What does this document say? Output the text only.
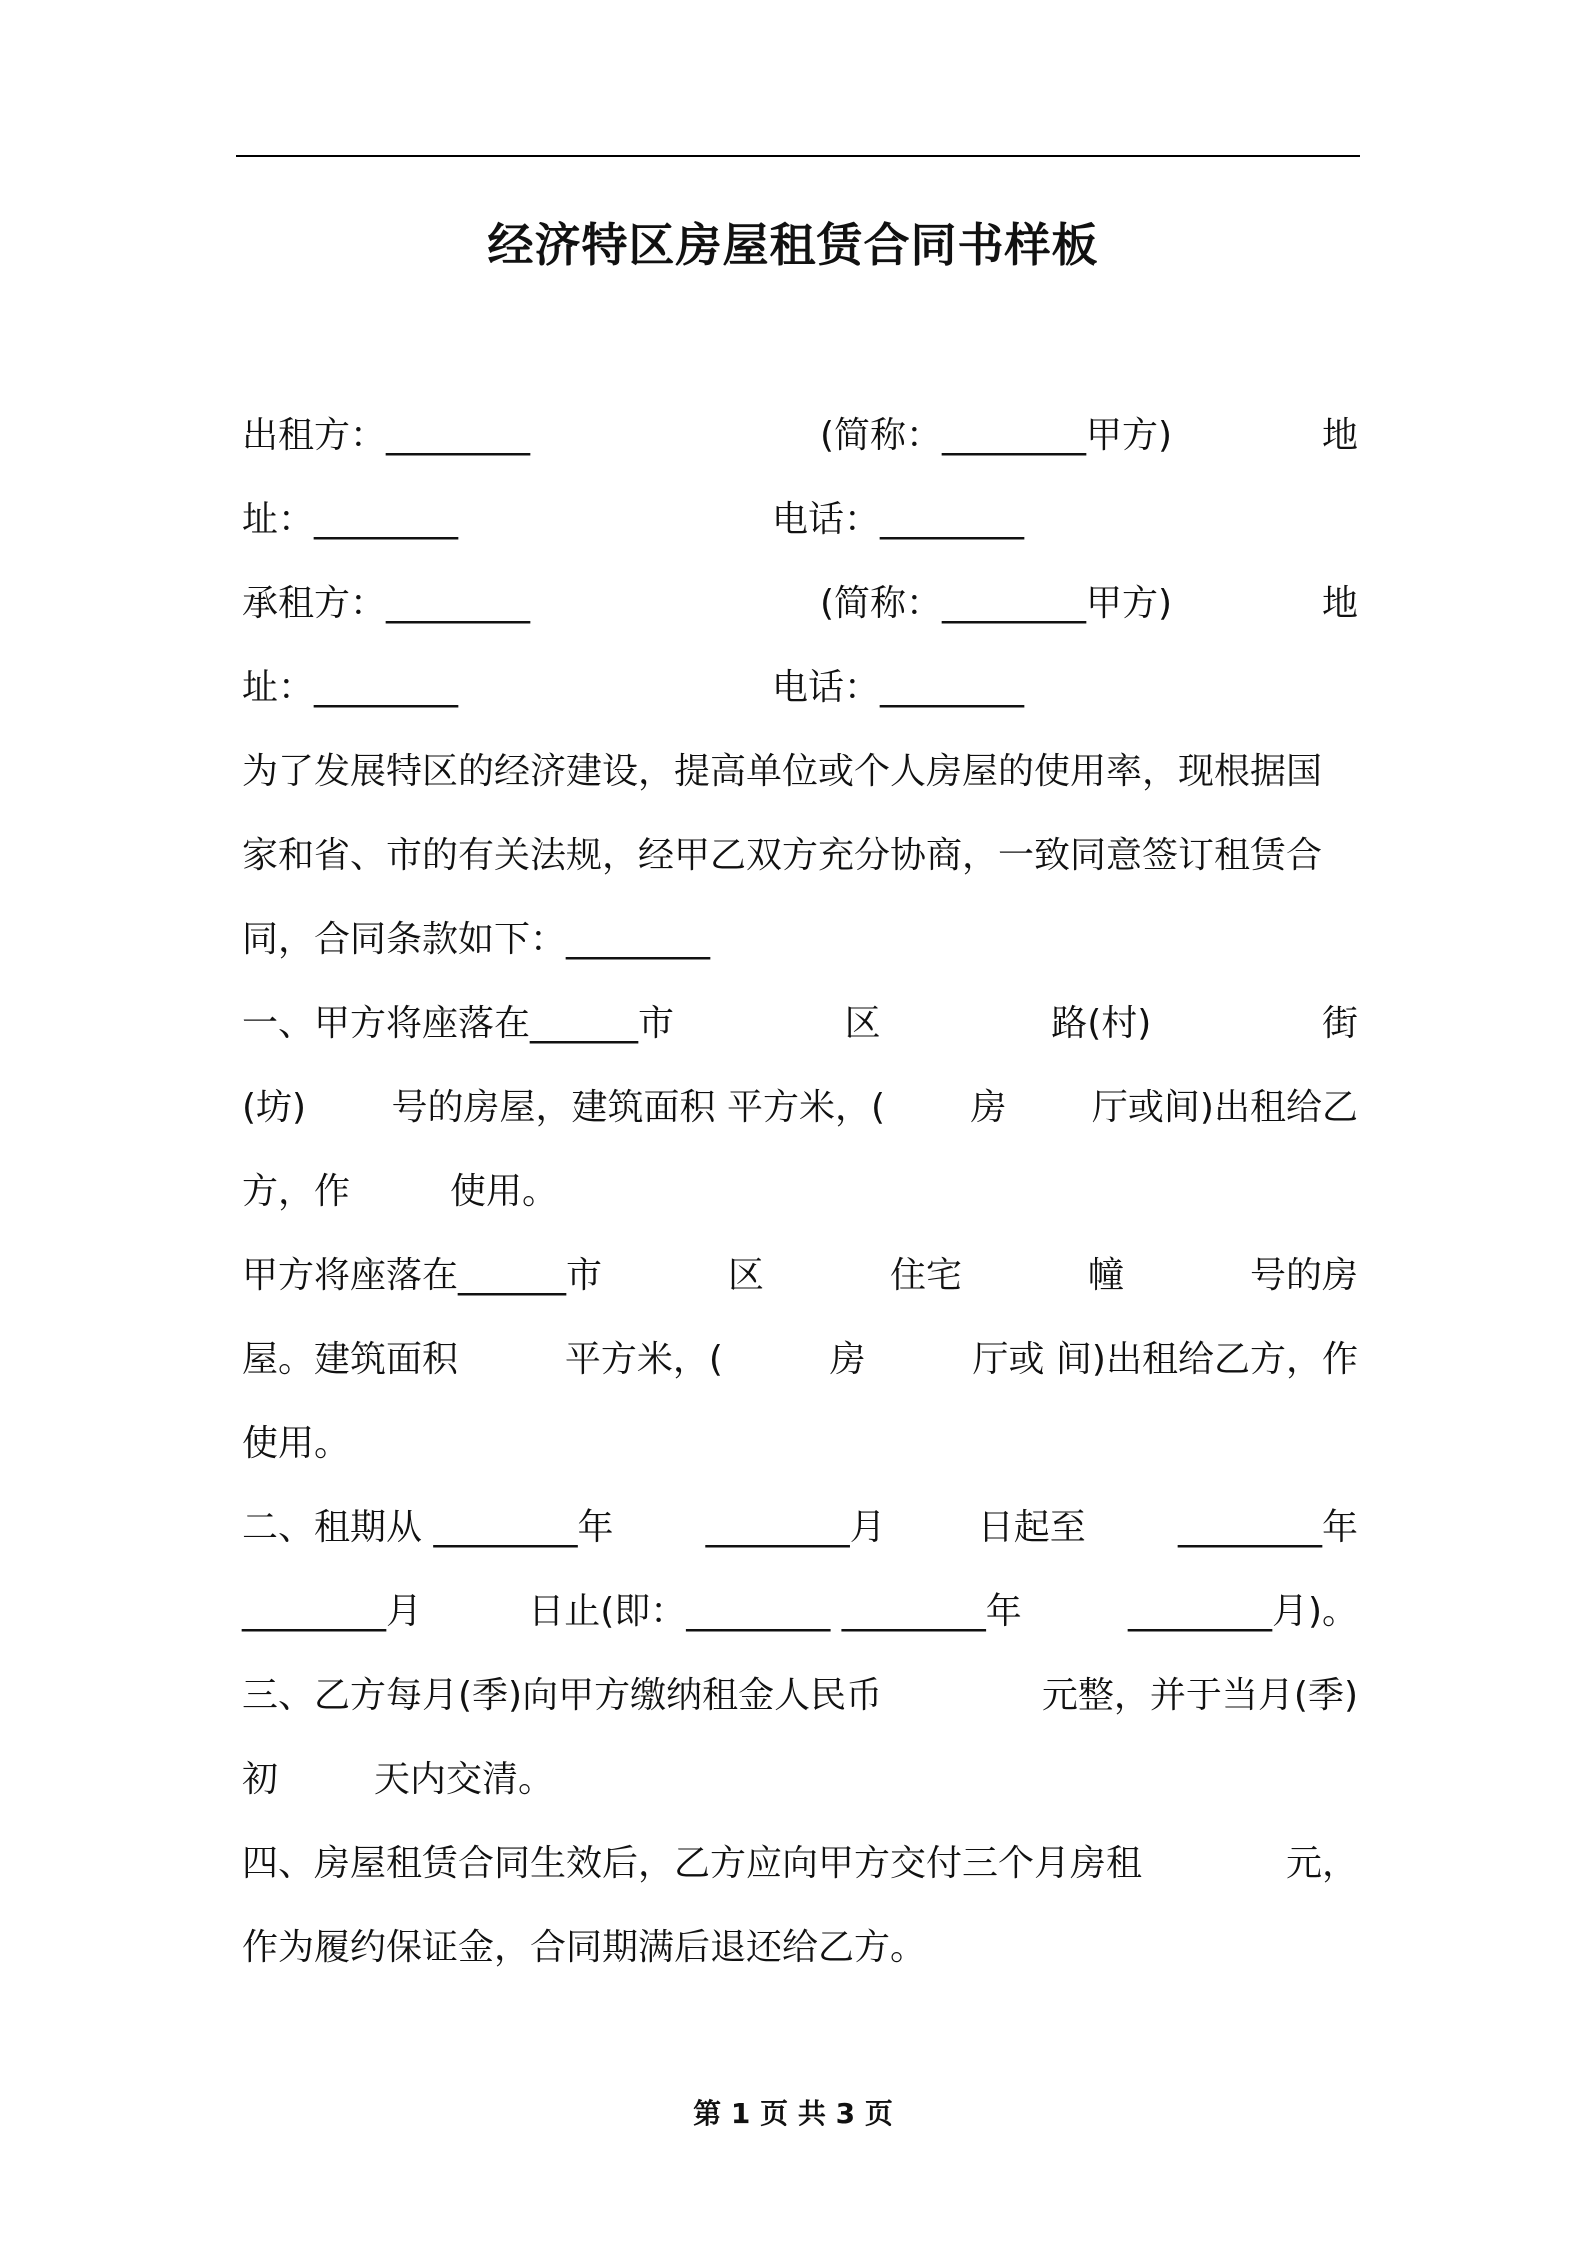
经济特区房屋租赁合同书样板
出租方：________	(简称：________甲方)	地
址：________	电话：________
承租方：________	(简称：________甲方)	地
址：________	电话：________
为了发展特区的经济建设，提高单位或个人房屋的使用率，现根据国
家和省、市的有关法规，经甲乙双方充分协商，一致同意签订租赁合
同，合同条款如下：________
一、甲方将座落在______市	区	路(村)	街
(坊) 号的房屋，建筑面积 平方米，( 房 厅或间)出租给乙
方，作	使用。
甲方将座落在______市	区	住宅	幢	号的房
屋。建筑面积	平方米，(	房	厅或 间)出租给乙方，作
使用。
二、租期从 ________年	________月	日起至	________年
________月	日止(即：________ ________年	________月)。
三、乙方每月(季)向甲方缴纳租金人民币	元整，并于当月(季)
初	天内交清。
四、房屋租赁合同生效后，乙方应向甲方交付三个月房租	元，
作为履约保证金，合同期满后退还给乙方。
第 1 页 共 3 页
